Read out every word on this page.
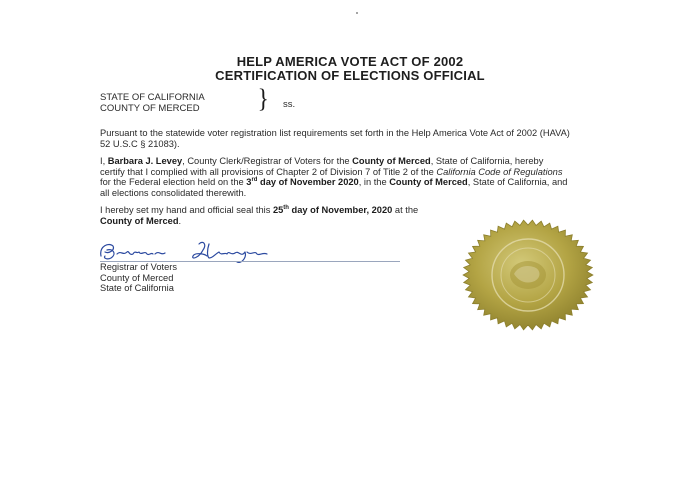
HELP AMERICA VOTE ACT OF 2002
CERTIFICATION OF ELECTIONS OFFICIAL
STATE OF CALIFORNIA
COUNTY OF MERCED } ss.

Pursuant to the statewide voter registration list requirements set forth in the Help America Vote Act of 2002 (HAVA) 52 U.S.C § 21083).

I, Barbara J. Levey, County Clerk/Registrar of Voters for the County of Merced, State of California, hereby certify that I complied with all provisions of Chapter 2 of Division 7 of Title 2 of the California Code of Regulations for the Federal election held on the 3rd day of November 2020, in the County of Merced, State of California, and all elections consolidated therewith.

I hereby set my hand and official seal this 25th day of November, 2020 at the
County of Merced.

Registrar of Voters
County of Merced
State of California
